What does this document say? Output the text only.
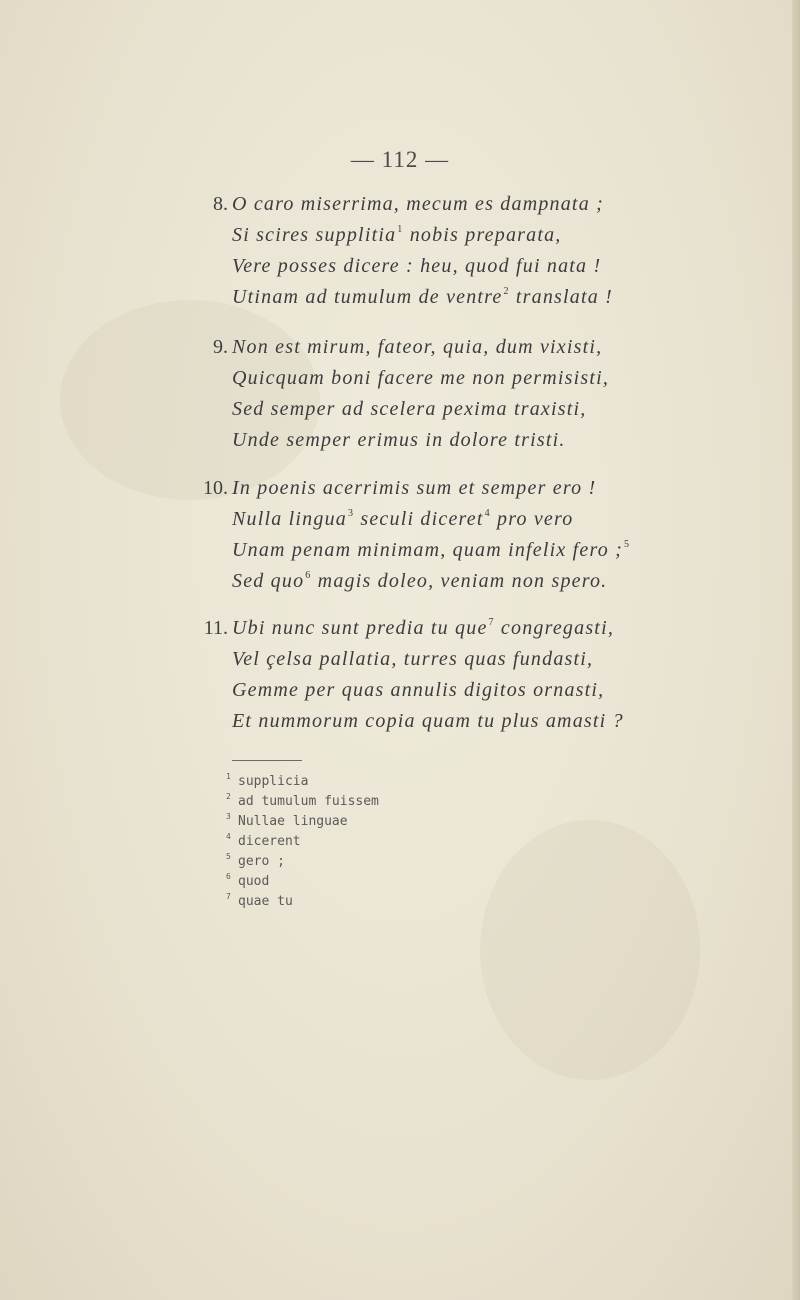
— 112 —
8. O caro miserrima, mecum es dampnata ;
Si scires supplitia$^1$ nobis preparata,
Vere posses dicere : heu, quod fui nata !
Utinam ad tumulum de ventre$^2$ translata !
9. Non est mirum, fateor, quia, dum vixisti,
Quicquam boni facere me non permisisti,
Sed semper ad scelera pexima traxisti,
Unde semper erimus in dolore tristi.
10. In poenis acerrimis sum et semper ero !
Nulla lingua$^3$ seculi diceret$^4$ pro vero
Unam penam minimam, quam infelix fero ;$^5$
Sed quo$^6$ magis doleo, veniam non spero.
11. Ubi nunc sunt predia tu que$^7$ congregasti,
Vel çelsa pallatia, turres quas fundasti,
Gemme per quas annulis digitos ornasti,
Et nummorum copia quam tu plus amasti ?
1 supplicia
2 ad tumulum fuissem
3 Nullae linguae
4 dicerent
5 gero ;
6 quod
7 quae tu
